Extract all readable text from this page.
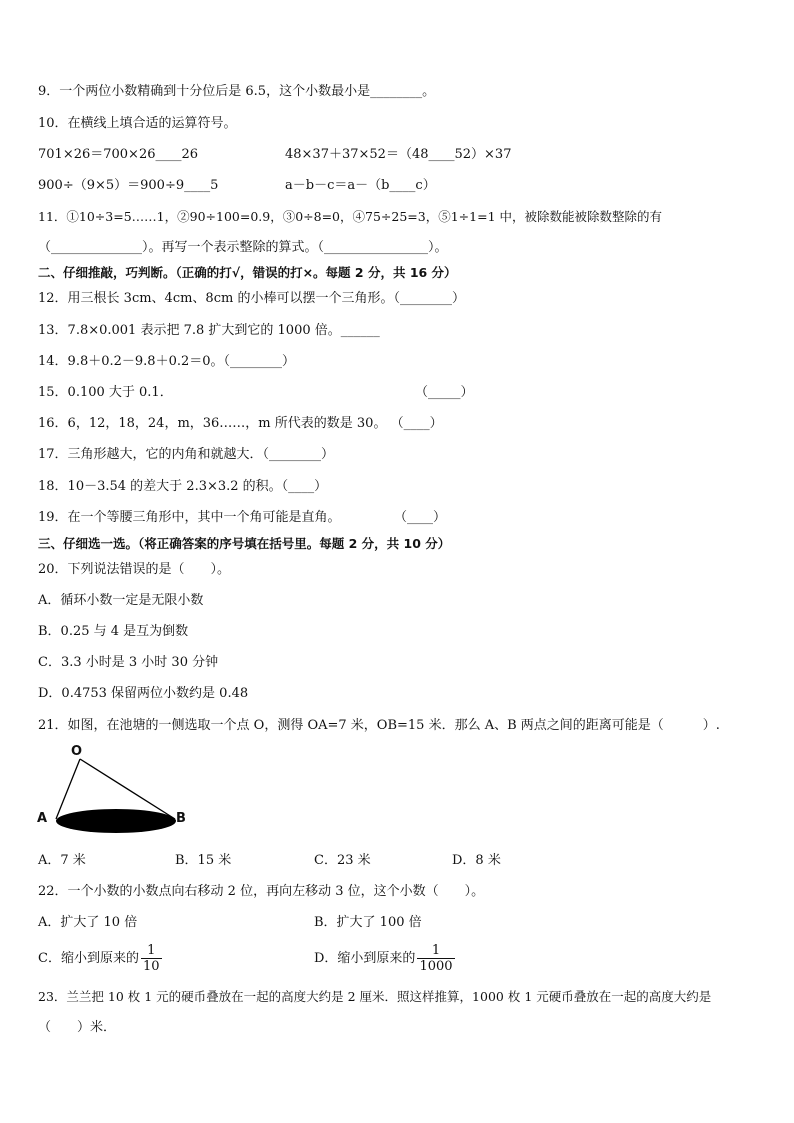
9．一个两位小数精确到十分位后是 6.5，这个小数最小是________。
10．在横线上填合适的运算符号。
701×26＝700×26____26	48×37＋37×52＝（48____52）×37
900÷（9×5）＝900÷9____5	a－b－c＝a－（b____c）
11．①10÷3=5……1，②90÷100=0.9，③0÷8=0，④75÷25=3，⑤1÷1=1 中，被除数能被除数整除的有
（______________）。再写一个表示整除的算式。（________________）。
二、仔细推敲，巧判断。（正确的打√，错误的打×。每题 2 分，共 16 分）
12．用三根长 3cm、4cm、8cm 的小棒可以摆一个三角形。（________）
13．7.8×0.001 表示把 7.8 扩大到它的 1000 倍。______
14．9.8＋0.2－9.8＋0.2＝0。（________）
15．0.100 大于 0.1．	（_____）
16．6，12，18，24，m，36……，m 所代表的数是 30。 （____）
17．三角形越大，它的内角和就越大．（________）
18．10－3.54 的差大于 2.3×3.2 的积。（____）
19．在一个等腰三角形中，其中一个角可能是直角。	（____）
三、仔细选一选。（将正确答案的序号填在括号里。每题 2 分，共 10 分）
20．下列说法错误的是（　　）。
A．循环小数一定是无限小数
B．0.25 与 4 是互为倒数
C．3.3 小时是 3 小时 30 分钟
D．0.4753 保留两位小数约是 0.48
21．如图，在池塘的一侧选取一个点 O，测得 OA=7 米，OB=15 米．那么 A、B 两点之间的距离可能是（　　　）.
O
A	B
A．7 米	B．15 米	C．23 米	D．8 米
22．一个小数的小数点向右移动 2 位，再向左移动 3 位，这个小数（　　）。
A．扩大了 10 倍	B．扩大了 100 倍
C．缩小到原来的 $\frac{1}{10}$	D．缩小到原来的 $\frac{1}{1000}$
23．兰兰把 10 枚 1 元的硬币叠放在一起的高度大约是 2 厘米．照这样推算，1000 枚 1 元硬币叠放在一起的高度大约是
（　　）米．
